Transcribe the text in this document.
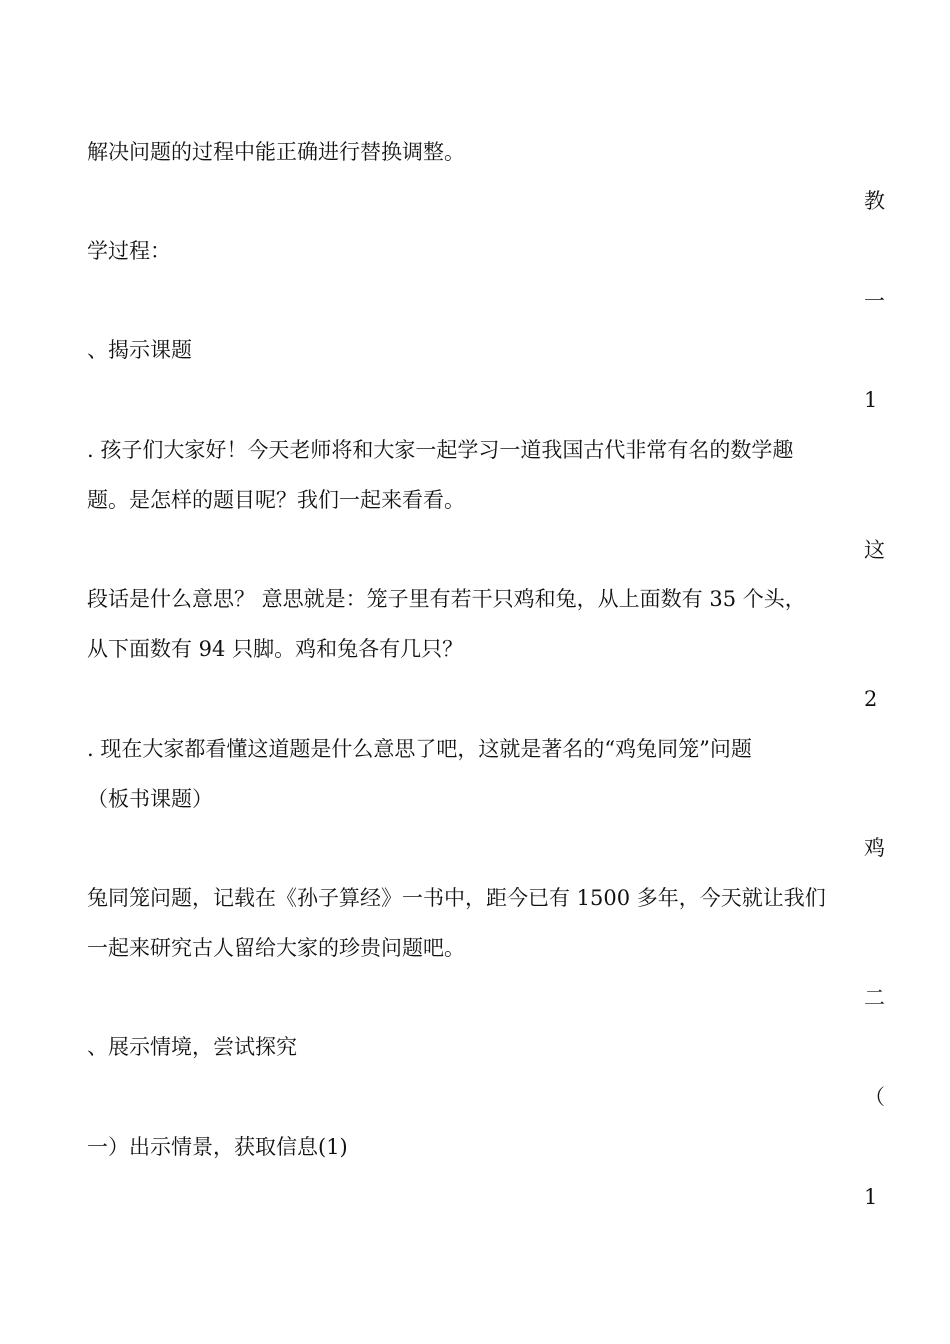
解决问题的过程中能正确进行替换调整。
教
学过程：
一
、揭示课题
1
. 孩子们大家好！今天老师将和大家一起学习一道我国古代非常有名的数学趣
题。是怎样的题目呢？我们一起来看看。
这
段话是什么意思？ 意思就是：笼子里有若干只鸡和兔，从上面数有 35 个头，
从下面数有 94 只脚。鸡和兔各有几只？
2
. 现在大家都看懂这道题是什么意思了吧，这就是著名的“鸡兔同笼”问题
（板书课题）
鸡
兔同笼问题，记载在《孙子算经》一书中，距今已有 1500 多年，今天就让我们
一起来研究古人留给大家的珍贵问题吧。
二
、展示情境，尝试探究
（
一）出示情景，获取信息(1)
1
